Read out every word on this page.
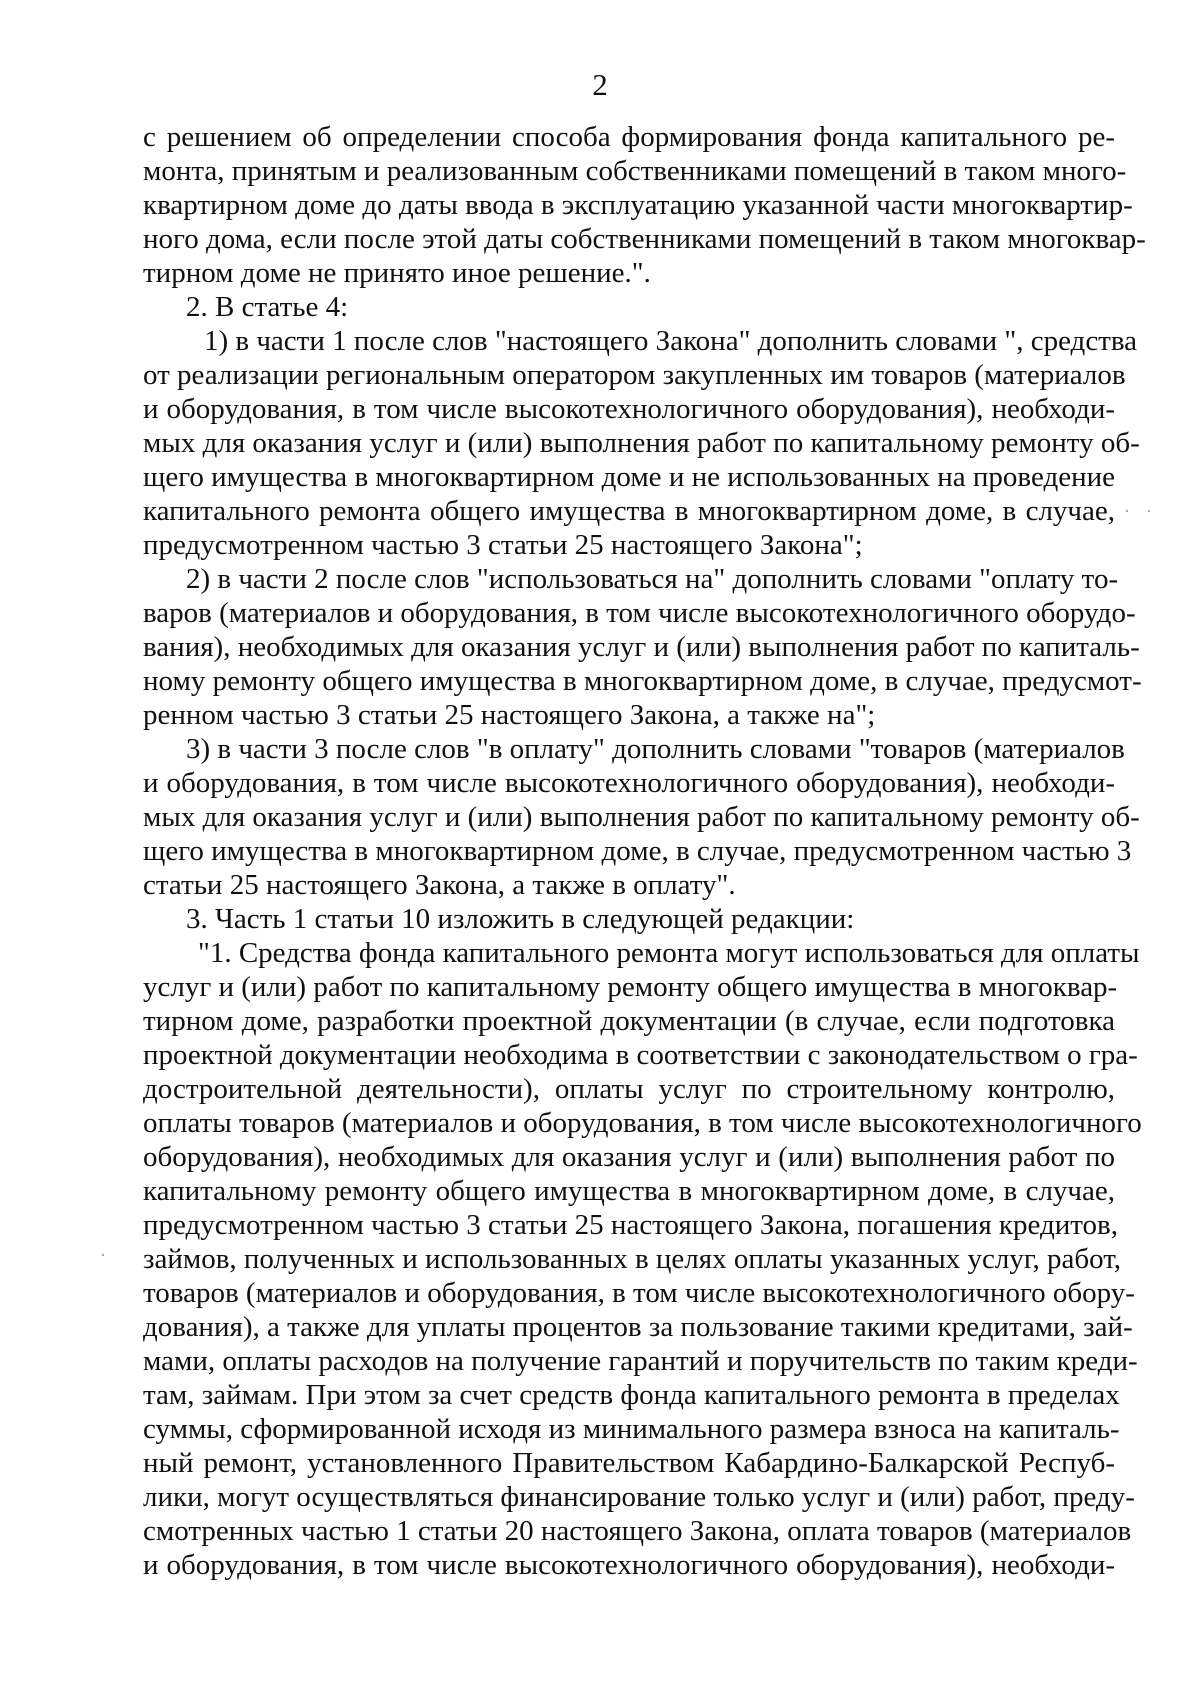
2
с решением об определении способа формирования фонда капитального ре-
монта, принятым и реализованным собственниками помещений в таком много-
квартирном доме до даты ввода в эксплуатацию указанной части многоквартир-
ного дома, если после этой даты собственниками помещений в таком многоквар-
тирном доме не принято иное решение.".
2. В статье 4:
1) в части 1 после слов "настоящего Закона" дополнить словами ", средства
от реализации региональным оператором закупленных им товаров (материалов
и оборудования, в том числе высокотехнологичного оборудования), необходи-
мых для оказания услуг и (или) выполнения работ по капитальному ремонту об-
щего имущества в многоквартирном доме и не использованных на проведение
капитального ремонта общего имущества в многоквартирном доме, в случае,
предусмотренном частью 3 статьи 25 настоящего Закона";
2) в части 2 после слов "использоваться на" дополнить словами "оплату то-
варов (материалов и оборудования, в том числе высокотехнологичного оборудо-
вания), необходимых для оказания услуг и (или) выполнения работ по капиталь-
ному ремонту общего имущества в многоквартирном доме, в случае, предусмот-
ренном частью 3 статьи 25 настоящего Закона, а также на";
3) в части 3 после слов "в оплату" дополнить словами "товаров (материалов
и оборудования, в том числе высокотехнологичного оборудования), необходи-
мых для оказания услуг и (или) выполнения работ по капитальному ремонту об-
щего имущества в многоквартирном доме, в случае, предусмотренном частью 3
статьи 25 настоящего Закона, а также в оплату".
3. Часть 1 статьи 10 изложить в следующей редакции:
"1. Средства фонда капитального ремонта могут использоваться для оплаты
услуг и (или) работ по капитальному ремонту общего имущества в многоквар-
тирном доме, разработки проектной документации (в случае, если подготовка
проектной документации необходима в соответствии с законодательством о гра-
достроительной деятельности), оплаты услуг по строительному контролю,
оплаты товаров (материалов и оборудования, в том числе высокотехнологичного
оборудования), необходимых для оказания услуг и (или) выполнения работ по
капитальному ремонту общего имущества в многоквартирном доме, в случае,
предусмотренном частью 3 статьи 25 настоящего Закона, погашения кредитов,
займов, полученных и использованных в целях оплаты указанных услуг, работ,
товаров (материалов и оборудования, в том числе высокотехнологичного обору-
дования), а также для уплаты процентов за пользование такими кредитами, зай-
мами, оплаты расходов на получение гарантий и поручительств по таким креди-
там, займам. При этом за счет средств фонда капитального ремонта в пределах
суммы, сформированной исходя из минимального размера взноса на капиталь-
ный ремонт, установленного Правительством Кабардино-Балкарской Респуб-
лики, могут осуществляться финансирование только услуг и (или) работ, преду-
смотренных частью 1 статьи 20 настоящего Закона, оплата товаров (материалов
и оборудования, в том числе высокотехнологичного оборудования), необходи-
·
·
·
